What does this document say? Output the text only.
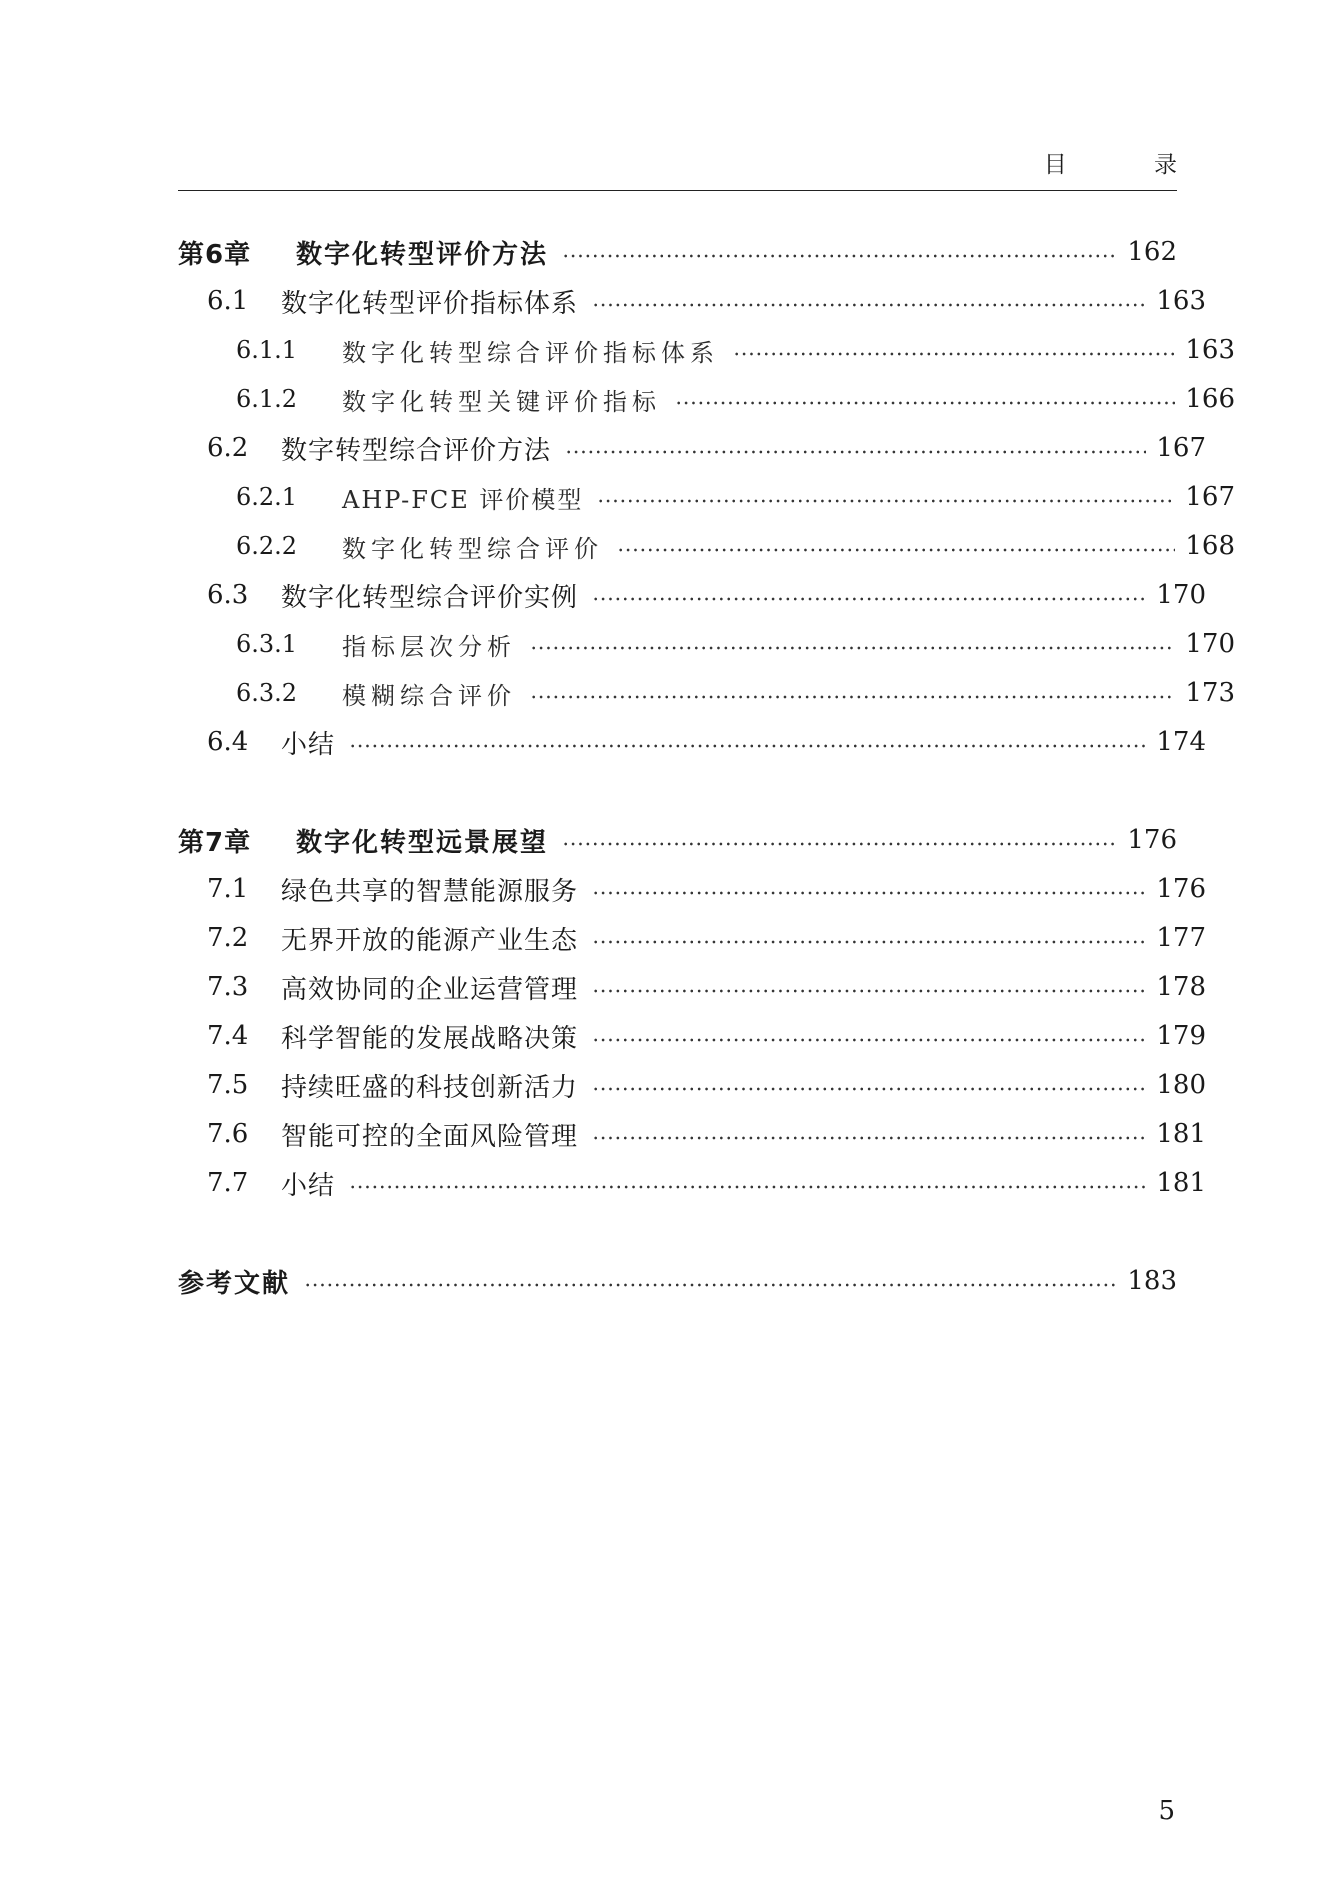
目 录
第6章	数字化转型评价方法	162
6.1	数字化转型评价指标体系	163
6.1.1	数字化转型综合评价指标体系	163
6.1.2	数字化转型关键评价指标	166
6.2	数字转型综合评价方法	167
6.2.1	AHP-FCE 评价模型	167
6.2.2	数字化转型综合评价	168
6.3	数字化转型综合评价实例	170
6.3.1	指标层次分析	170
6.3.2	模糊综合评价	173
6.4	小结	174
第7章	数字化转型远景展望	176
7.1	绿色共享的智慧能源服务	176
7.2	无界开放的能源产业生态	177
7.3	高效协同的企业运营管理	178
7.4	科学智能的发展战略决策	179
7.5	持续旺盛的科技创新活力	180
7.6	智能可控的全面风险管理	181
7.7	小结	181
参考文献	183
5
